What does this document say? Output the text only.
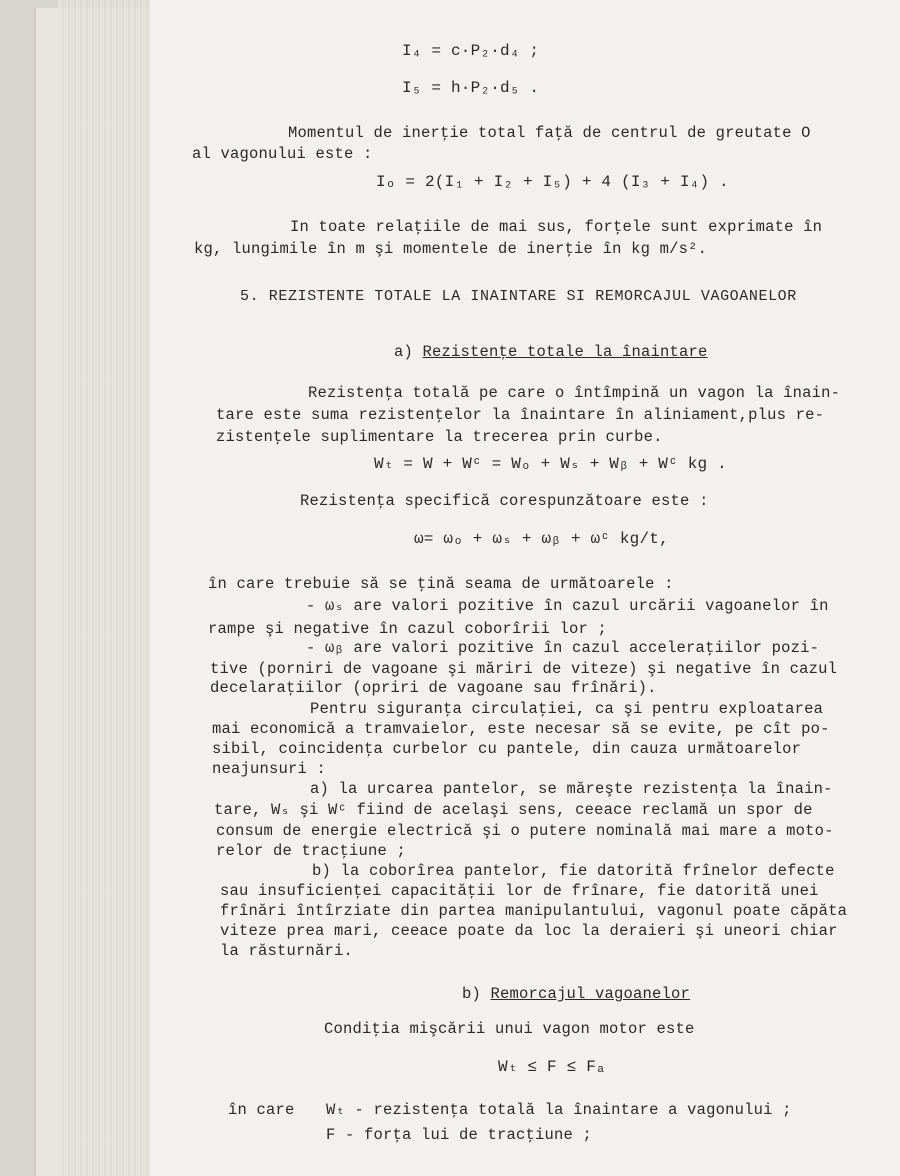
I₄ = c·P₂·d₄ ;
I₅ = h·P₂·d₅ .
Momentul de inerţie total faţă de centrul de greutate O
al vagonului este :
Iₒ = 2(I₁ + I₂ + I₅) + 4 (I₃ + I₄) .
In toate relaţiile de mai sus, forţele sunt exprimate în
kg, lungimile în m şi momentele de inerţie în kg m/s².
5. REZISTENTE TOTALE LA INAINTARE SI REMORCAJUL VAGOANELOR
a) Rezistenţe totale la înaintare
Rezistenţa totală pe care o întîmpină un vagon la înain-
tare este suma rezistenţelor la înaintare în aliniament,plus re-
zistenţele suplimentare la trecerea prin curbe.
Wₜ = W + Wᶜ = Wₒ + Wₛ + Wᵦ + Wᶜ kg .
Rezistenţa specifică corespunzătoare este :
ω= ωₒ + ωₛ + ωᵦ + ωᶜ kg/t,
în care trebuie să se ţină seama de următoarele :
- ωₛ are valori pozitive în cazul urcării vagoanelor în
rampe şi negative în cazul coborîrii lor ;
- ωᵦ are valori pozitive în cazul acceleraţiilor pozi-
tive (porniri de vagoane şi măriri de viteze) şi negative în cazul
decelaraţiilor (opriri de vagoane sau frînări).
Pentru siguranţa circulaţiei, ca şi pentru exploatarea
mai economică a tramvaielor, este necesar să se evite, pe cît po-
sibil, coincidenţa curbelor cu pantele, din cauza următoarelor
neajunsuri :
a) la urcarea pantelor, se măreşte rezistenţa la înain-
tare, Wₛ şi Wᶜ fiind de acelaşi sens, ceeace reclamă un spor de
consum de energie electrică şi o putere nominală mai mare a moto-
relor de tracţiune ;
b) la coborîrea pantelor, fie datorită frînelor defecte
sau insuficienţei capacităţii lor de frînare, fie datorită unei
frînări întîrziate din partea manipulantului, vagonul poate căpăta
viteze prea mari, ceeace poate da loc la deraieri şi uneori chiar
la răsturnări.
b) Remorcajul vagoanelor
Condiţia mişcării unui vagon motor este
Wₜ ≤ F ≤ Fₐ
în care Wₜ - rezistenţa totală la înaintare a vagonului ;
F - forţa lui de tracţiune ;
